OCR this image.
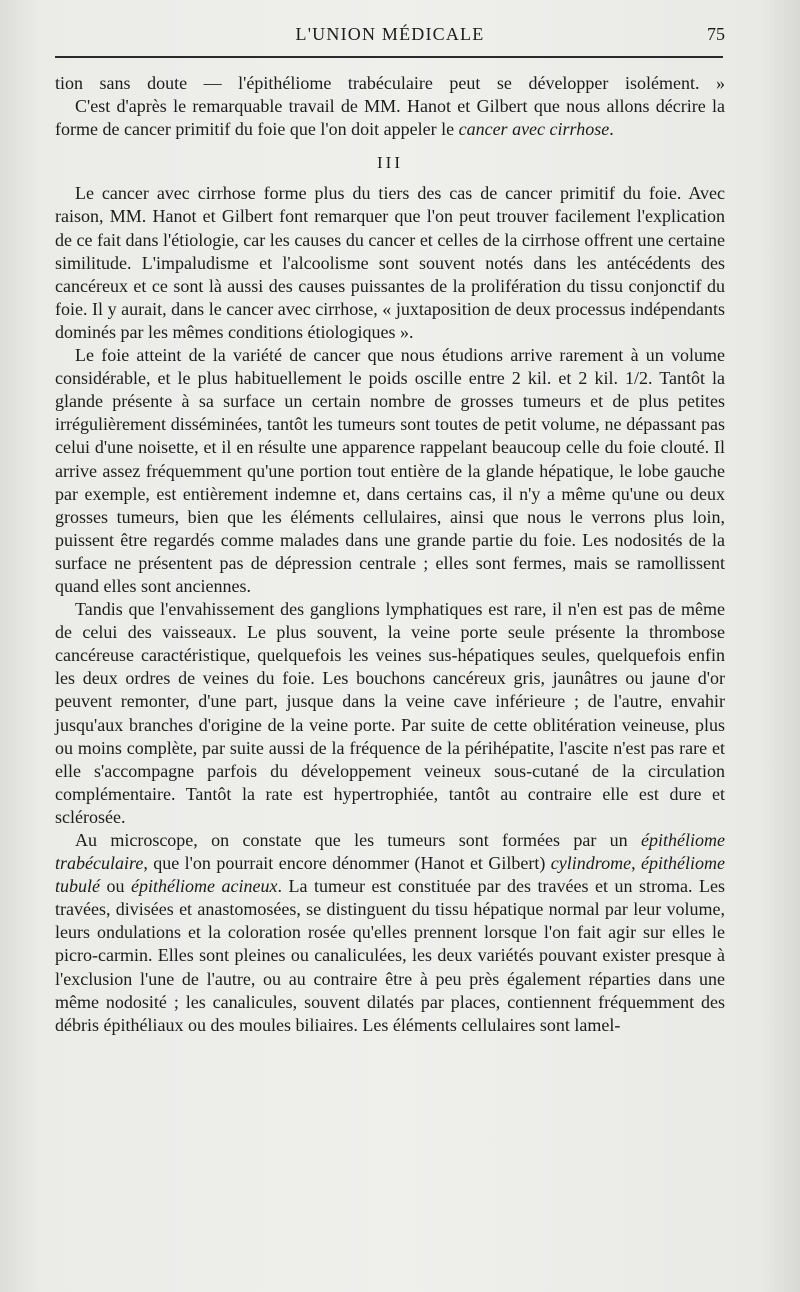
L'UNION MÉDICALE	75

tion sans doute — l'épithéliome trabéculaire peut se développer isolément. »

C'est d'après le remarquable travail de MM. Hanot et Gilbert que nous allons décrire la forme de cancer primitif du foie que l'on doit appeler le cancer avec cirrhose.

III

Le cancer avec cirrhose forme plus du tiers des cas de cancer primitif du foie. Avec raison, MM. Hanot et Gilbert font remarquer que l'on peut trouver facilement l'explication de ce fait dans l'étiologie, car les causes du cancer et celles de la cirrhose offrent une certaine similitude. L'impaludisme et l'alcoolisme sont souvent notés dans les antécédents des cancéreux et ce sont là aussi des causes puissantes de la prolifération du tissu conjonctif du foie. Il y aurait, dans le cancer avec cirrhose, « juxtaposition de deux processus indépendants dominés par les mêmes conditions étiologiques ».

Le foie atteint de la variété de cancer que nous étudions arrive rarement à un volume considérable, et le plus habituellement le poids oscille entre 2 kil. et 2 kil. 1/2. Tantôt la glande présente à sa surface un certain nombre de grosses tumeurs et de plus petites irrégulièrement disséminées, tantôt les tumeurs sont toutes de petit volume, ne dépassant pas celui d'une noisette, et il en résulte une apparence rappelant beaucoup celle du foie clouté. Il arrive assez fréquemment qu'une portion tout entière de la glande hépatique, le lobe gauche par exemple, est entièrement indemne et, dans certains cas, il n'y a même qu'une ou deux grosses tumeurs, bien que les éléments cellulaires, ainsi que nous le verrons plus loin, puissent être regardés comme malades dans une grande partie du foie. Les nodosités de la surface ne présentent pas de dépression centrale ; elles sont fermes, mais se ramollissent quand elles sont anciennes.

Tandis que l'envahissement des ganglions lymphatiques est rare, il n'en est pas de même de celui des vaisseaux. Le plus souvent, la veine porte seule présente la thrombose cancéreuse caractéristique, quelquefois les veines sus-hépatiques seules, quelquefois enfin les deux ordres de veines du foie. Les bouchons cancéreux gris, jaunâtres ou jaune d'or peuvent remonter, d'une part, jusque dans la veine cave inférieure ; de l'autre, envahir jusqu'aux branches d'origine de la veine porte. Par suite de cette oblitération veineuse, plus ou moins complète, par suite aussi de la fréquence de la périhépatite, l'ascite n'est pas rare et elle s'accompagne parfois du développement veineux sous-cutané de la circulation complémentaire. Tantôt la rate est hypertrophiée, tantôt au contraire elle est dure et sclérosée.

Au microscope, on constate que les tumeurs sont formées par un épithéliome trabéculaire, que l'on pourrait encore dénommer (Hanot et Gilbert) cylindrome, épithéliome tubulé ou épithéliome acineux. La tumeur est constituée par des travées et un stroma. Les travées, divisées et anastomosées, se distinguent du tissu hépatique normal par leur volume, leurs ondulations et la coloration rosée qu'elles prennent lorsque l'on fait agir sur elles le picro-carmin. Elles sont pleines ou canaliculées, les deux variétés pouvant exister presque à l'exclusion l'une de l'autre, ou au contraire être à peu près également réparties dans une même nodosité ; les canalicules, souvent dilatés par places, contiennent fréquemment des débris épithéliaux ou des moules biliaires. Les éléments cellulaires sont lamel-
